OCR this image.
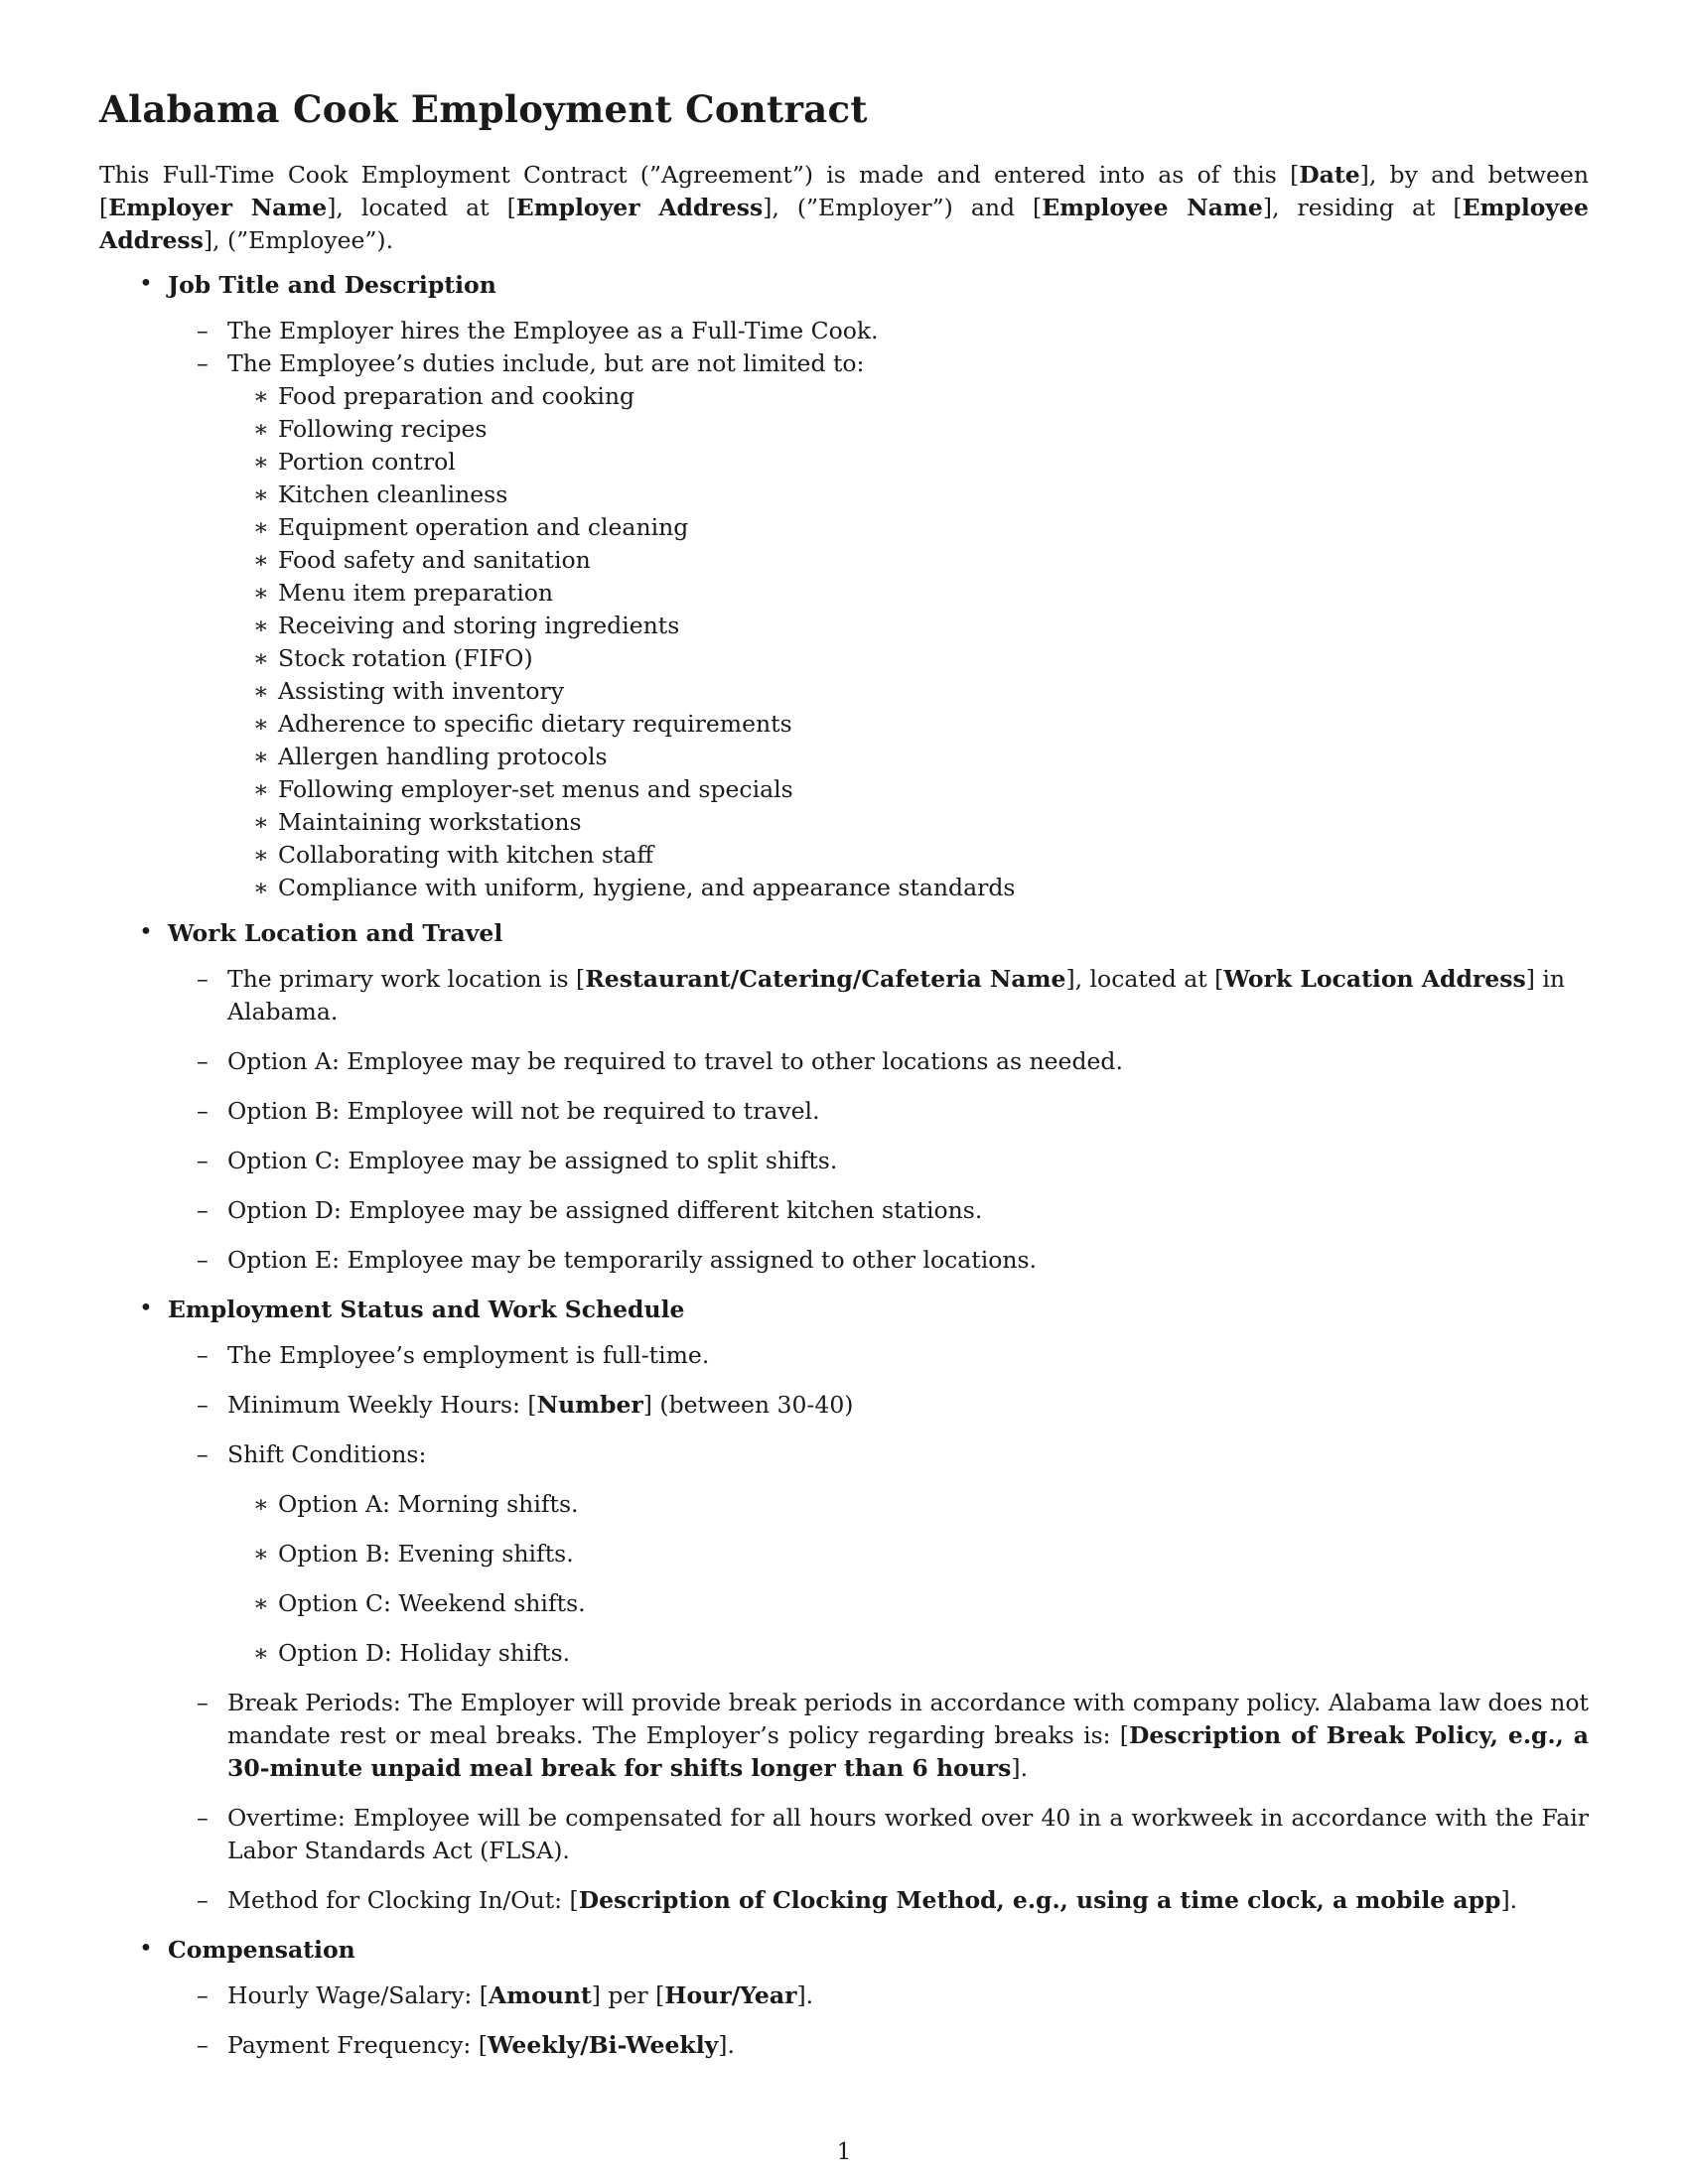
Alabama Cook Employment Contract

This Full-Time Cook Employment Contract (”Agreement”) is made and entered into as of this [Date], by and between [Employer Name], located at [Employer Address], (”Employer”) and [Employee Name], residing at [Employee Address], (”Employee”).

• Job Title and Description
– The Employer hires the Employee as a Full-Time Cook.
– The Employee’s duties include, but are not limited to:
∗ Food preparation and cooking
∗ Following recipes
∗ Portion control
∗ Kitchen cleanliness
∗ Equipment operation and cleaning
∗ Food safety and sanitation
∗ Menu item preparation
∗ Receiving and storing ingredients
∗ Stock rotation (FIFO)
∗ Assisting with inventory
∗ Adherence to specific dietary requirements
∗ Allergen handling protocols
∗ Following employer-set menus and specials
∗ Maintaining workstations
∗ Collaborating with kitchen staff
∗ Compliance with uniform, hygiene, and appearance standards
• Work Location and Travel
– The primary work location is [Restaurant/Catering/Cafeteria Name], located at [Work Location Address] in Alabama.
– Option A: Employee may be required to travel to other locations as needed.
– Option B: Employee will not be required to travel.
– Option C: Employee may be assigned to split shifts.
– Option D: Employee may be assigned different kitchen stations.
– Option E: Employee may be temporarily assigned to other locations.
• Employment Status and Work Schedule
– The Employee’s employment is full-time.
– Minimum Weekly Hours: [Number] (between 30-40)
– Shift Conditions:
∗ Option A: Morning shifts.
∗ Option B: Evening shifts.
∗ Option C: Weekend shifts.
∗ Option D: Holiday shifts.
– Break Periods: The Employer will provide break periods in accordance with company policy. Alabama law does not mandate rest or meal breaks. The Employer’s policy regarding breaks is: [Description of Break Policy, e.g., a 30-minute unpaid meal break for shifts longer than 6 hours].
– Overtime: Employee will be compensated for all hours worked over 40 in a workweek in accordance with the Fair Labor Standards Act (FLSA).
– Method for Clocking In/Out: [Description of Clocking Method, e.g., using a time clock, a mobile app].
• Compensation
– Hourly Wage/Salary: [Amount] per [Hour/Year].
– Payment Frequency: [Weekly/Bi-Weekly].
1
